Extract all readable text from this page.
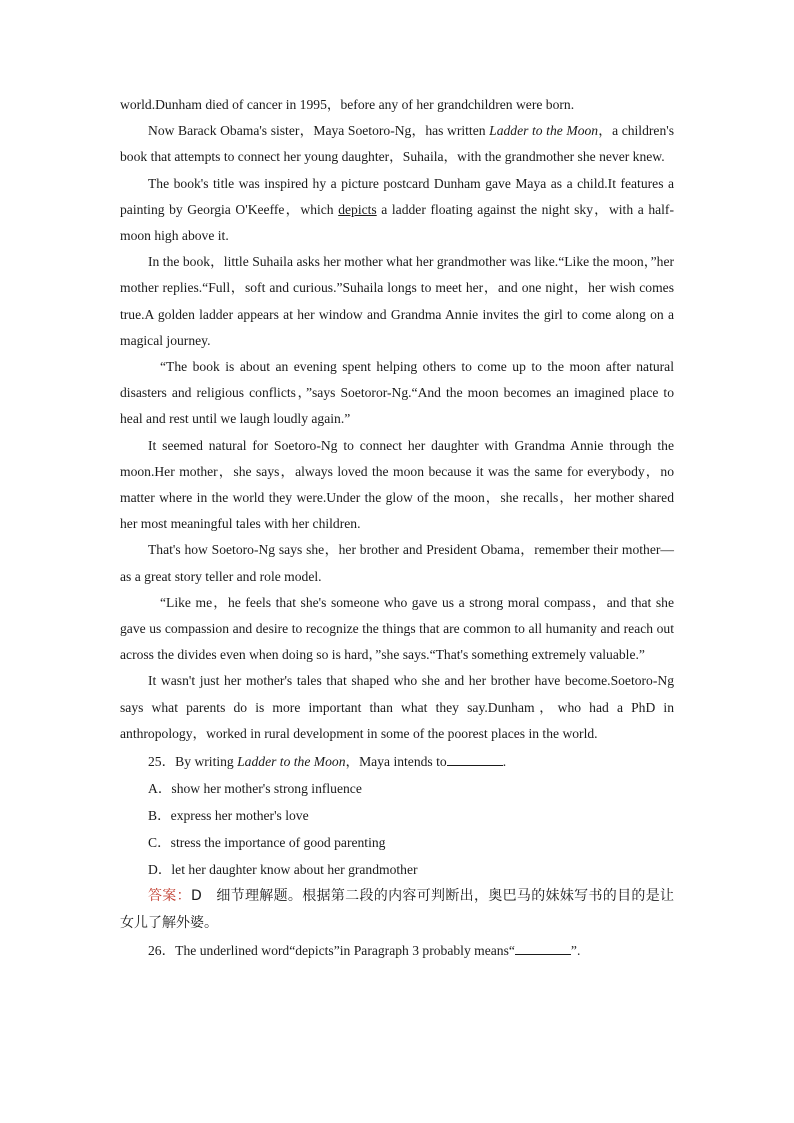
world.Dunham died of cancer in 1995，before any of her grandchildren were born.

Now Barack Obama's sister，Maya Soetoro-Ng，has written Ladder to the Moon，a children's book that attempts to connect her young daughter，Suhaila，with the grandmother she never knew.

The book's title was inspired hy a picture postcard Dunham gave Maya as a child.It features a painting by Georgia O'Keeffe，which depicts a ladder floating against the night sky，with a half-moon high above it.

In the book，little Suhaila asks her mother what her grandmother was like.“Like the moon，”her mother replies.“Full，soft and curious.”Suhaila longs to meet her，and one night，her wish comes true.A golden ladder appears at her window and Grandma Annie invites the girl to come along on a magical journey.

“The book is about an evening spent helping others to come up to the moon after natural disasters and religious conflicts，”says Soetoror-Ng.“And the moon becomes an imagined place to heal and rest until we laugh loudly again.”

It seemed natural for Soetoro-Ng to connect her daughter with Grandma Annie through the moon.Her mother，she says，always loved the moon because it was the same for everybody，no matter where in the world they were.Under the glow of the moon，she recalls，her mother shared her most meaningful tales with her children.

That's how Soetoro-Ng says she，her brother and President Obama，remember their mother—as a great story teller and role model.

“Like me，he feels that she's someone who gave us a strong moral compass，and that she gave us compassion and desire to recognize the things that are common to all humanity and reach out across the divides even when doing so is hard，”she says.“That's something extremely valuable.”

It wasn't just her mother's tales that shaped who she and her brother have become.Soetoro-Ng says what parents do is more important than what they say.Dunham，who had a PhD in anthropology，worked in rural development in some of the poorest places in the world.

25．By writing Ladder to the Moon，Maya intends to	.

A．show her mother's strong influence

B．express her mother's love

C．stress the importance of good parenting

D．let her daughter know about her grandmother

答案：D　细节理解题。根据第二段的内容可判断出，奥巴马的妹妹写书的目的是让女儿了解外婆。

26．The underlined word“depicts”in Paragraph 3 probably means“	”.
